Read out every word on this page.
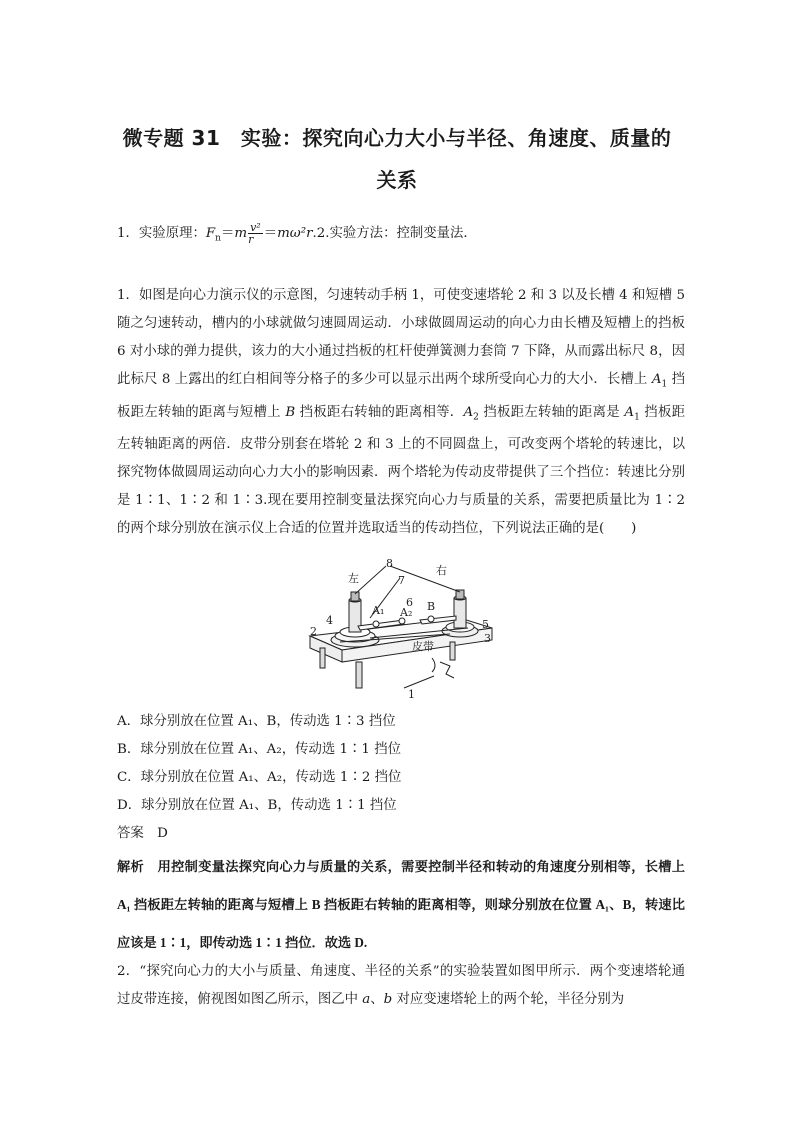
微专题 31　实验：探究向心力大小与半径、角速度、质量的
关系
1．实验原理：$F_n=m \frac{\text{v²}}{r} =m\omega^2r.2$.实验方法：控制变量法．
1．如图是向心力演示仪的示意图，匀速转动手柄 1，可使变速塔轮 2 和 3 以及长槽 4 和短槽 5 随之匀速转动，槽内的小球就做匀速圆周运动．小球做圆周运动的向心力由长槽及短槽上的挡板 6 对小球的弹力提供，该力的大小通过挡板的杠杆使弹簧测力套筒 7 下降，从而露出标尺 8，因此标尺 8 上露出的红白相间等分格子的多少可以显示出两个球所受向心力的大小．长槽上 $A_1$ 挡板距左转轴的距离与短槽上 B 挡板距右转轴的距离相等．$A_2$ 挡板距左转轴的距离是 $A_1$ 挡板距左转轴距离的两倍．皮带分别套在塔轮 2 和 3 上的不同圆盘上，可改变两个塔轮的转速比，以探究物体做圆周运动向心力大小的影响因素．两个塔轮为传动皮带提供了三个挡位：转速比分别是 1∶1、1∶2 和 1∶3.现在要用控制变量法探究向心力与质量的关系，需要把质量比为 1∶2 的两个球分别放在演示仪上合适的位置并选取适当的传动挡位，下列说法正确的是(　　)
8
左
右
7
A₁
6 B
A₂
4
2
5
3
皮带
1
A．球分别放在位置 A₁、B，传动选 1∶3 挡位
B．球分别放在位置 A₁、A₂，传动选 1∶1 挡位
C．球分别放在位置 A₁、A₂，传动选 1∶2 挡位
D．球分别放在位置 A₁、B，传动选 1∶1 挡位
答案　 D
解析　用控制变量法探究向心力与质量的关系，需要控制半径和转动的角速度分别相等，长槽上 A₁ 挡板距左转轴的距离与短槽上 B 挡板距右转轴的距离相等，则球分别放在位置 A₁、B，转速比应该是 1∶1，即传动选 1∶1 挡位．故选 D.
2．“探究向心力的大小与质量、角速度、半径的关系”的实验装置如图甲所示．两个变速塔轮通过皮带连接，俯视图如图乙所示，图乙中 a、b 对应变速塔轮上的两个轮，半径分别为
